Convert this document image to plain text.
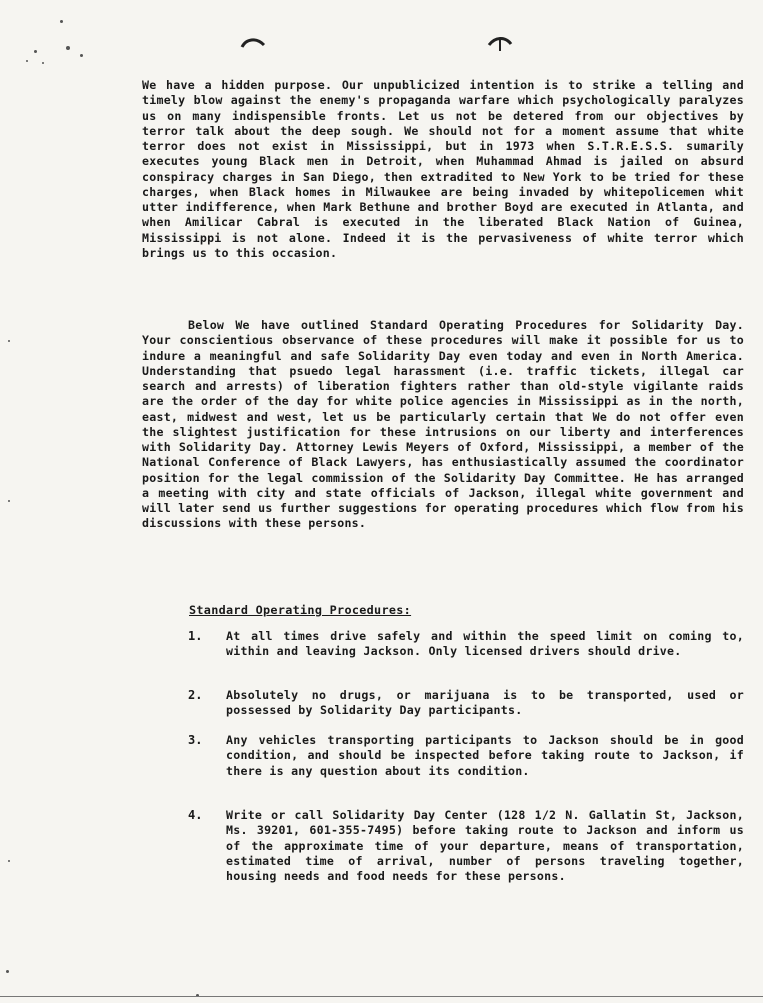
We have a hidden purpose. Our unpublicized intention is to strike a telling and timely blow against the enemy's propaganda warfare which psychologically paralyzes us on many indispensible fronts. Let us not be detered from our objectives by terror talk about the deep sough. We should not for a moment assume that white terror does not exist in Mississippi, but in 1973 when S.T.R.E.S.S. sumarily executes young Black men in Detroit, when Muhammad Ahmad is jailed on absurd conspiracy charges in San Diego, then extradited to New York to be tried for these charges, when Black homes in Milwaukee are being invaded by whitepolicemen whit utter indifference, when Mark Bethune and brother Boyd are executed in Atlanta, and when Amilicar Cabral is executed in the liberated Black Nation of Guinea, Mississippi is not alone. Indeed it is the pervasiveness of white terror which brings us to this occasion.

Below We have outlined Standard Operating Procedures for Solidarity Day. Your conscientious observance of these procedures will make it possible for us to indure a meaningful and safe Solidarity Day even today and even in North America. Understanding that psuedo legal harassment (i.e. traffic tickets, illegal car search and arrests) of liberation fighters rather than old-style vigilante raids are the order of the day for white police agencies in Mississippi as in the north, east, midwest and west, let us be particularly certain that We do not offer even the slightest justification for these intrusions on our liberty and interferences with Solidarity Day. Attorney Lewis Meyers of Oxford, Mississippi, a member of the National Conference of Black Lawyers, has enthusiastically assumed the coordinator position for the legal commission of the Solidarity Day Committee. He has arranged a meeting with city and state officials of Jackson, illegal white government and will later send us further suggestions for operating procedures which flow from his discussions with these persons.

Standard Operating Procedures:
1. At all times drive safely and within the speed limit on coming to, within and leaving Jackson. Only licensed drivers should drive.

2. Absolutely no drugs, or marijuana is to be transported, used or possessed by Solidarity Day participants.

3. Any vehicles transporting participants to Jackson should be in good condition, and should be inspected before taking route to Jackson, if there is any question about its condition.

4. Write or call Solidarity Day Center (128 1/2 N. Gallatin St, Jackson, Ms. 39201, 601-355-7495) before taking route to Jackson and inform us of the approximate time of your departure, means of transportation, estimated time of arrival, number of persons traveling together, housing needs and food needs for these persons.
